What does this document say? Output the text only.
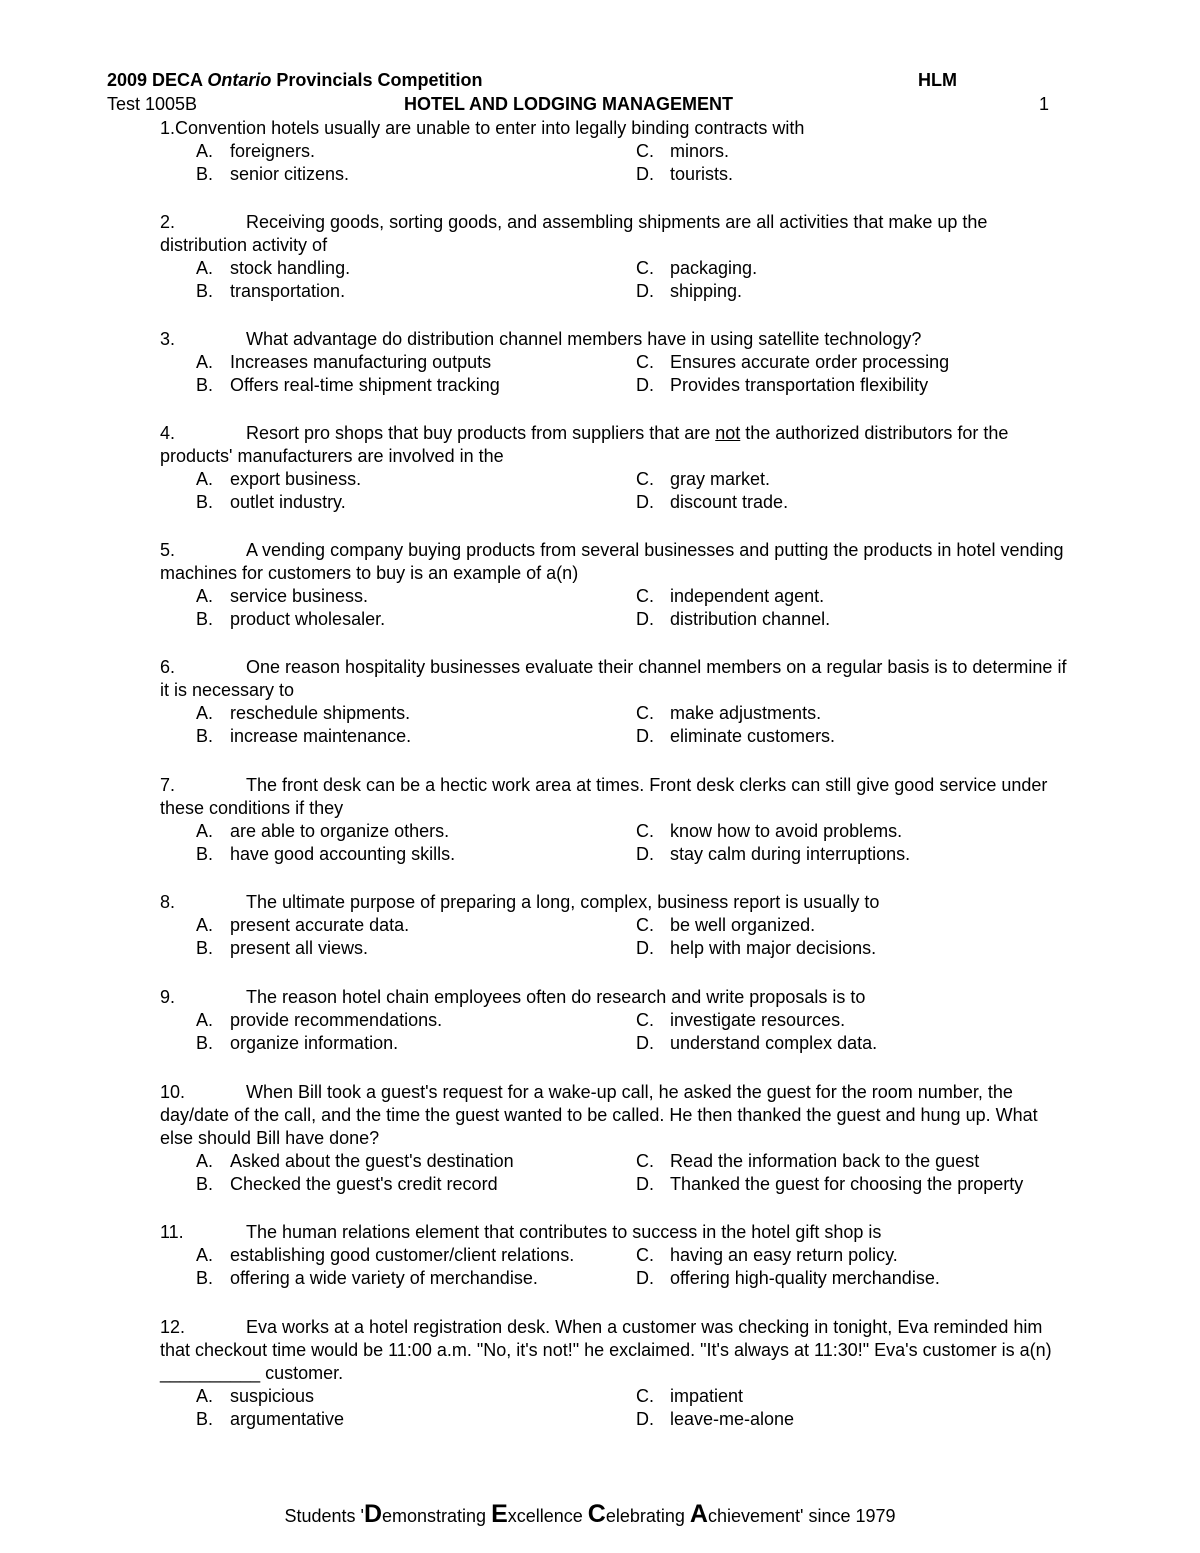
2009 DECA Ontario Provincials Competition	HLM
Test 1005B	HOTEL AND LODGING MANAGEMENT	1
1.Convention hotels usually are unable to enter into legally binding contracts with
A. foreigners.	C. minors.
B. senior citizens.	D. tourists.
2.	Receiving goods, sorting goods, and assembling shipments are all activities that make up the distribution activity of
A. stock handling.	C. packaging.
B. transportation.	D. shipping.
3.	What advantage do distribution channel members have in using satellite technology?
A. Increases manufacturing outputs	C. Ensures accurate order processing
B. Offers real-time shipment tracking	D. Provides transportation flexibility
4.	Resort pro shops that buy products from suppliers that are not the authorized distributors for the products' manufacturers are involved in the
A. export business.	C. gray market.
B. outlet industry.	D. discount trade.
5.	A vending company buying products from several businesses and putting the products in hotel vending machines for customers to buy is an example of a(n)
A. service business.	C. independent agent.
B. product wholesaler.	D. distribution channel.
6.	One reason hospitality businesses evaluate their channel members on a regular basis is to determine if it is necessary to
A. reschedule shipments.	C. make adjustments.
B. increase maintenance.	D. eliminate customers.
7.	The front desk can be a hectic work area at times. Front desk clerks can still give good service under these conditions if they
A. are able to organize others.	C. know how to avoid problems.
B. have good accounting skills.	D. stay calm during interruptions.
8.	The ultimate purpose of preparing a long, complex, business report is usually to
A. present accurate data.	C. be well organized.
B. present all views.	D. help with major decisions.
9.	The reason hotel chain employees often do research and write proposals is to
A. provide recommendations.	C. investigate resources.
B. organize information.	D. understand complex data.
10.	When Bill took a guest's request for a wake-up call, he asked the guest for the room number, the day/date of the call, and the time the guest wanted to be called. He then thanked the guest and hung up. What else should Bill have done?
A. Asked about the guest's destination	C. Read the information back to the guest
B. Checked the guest's credit record	D. Thanked the guest for choosing the property
11.	The human relations element that contributes to success in the hotel gift shop is
A. establishing good customer/client relations.	C. having an easy return policy.
B. offering a wide variety of merchandise.	D. offering high-quality merchandise.
12.	Eva works at a hotel registration desk. When a customer was checking in tonight, Eva reminded him that checkout time would be 11:00 a.m. "No, it's not!" he exclaimed. "It's always at 11:30!" Eva's customer is a(n) __________ customer.
A. suspicious	C. impatient
B. argumentative	D. leave-me-alone
Students 'Demonstrating Excellence Celebrating Achievement' since 1979
